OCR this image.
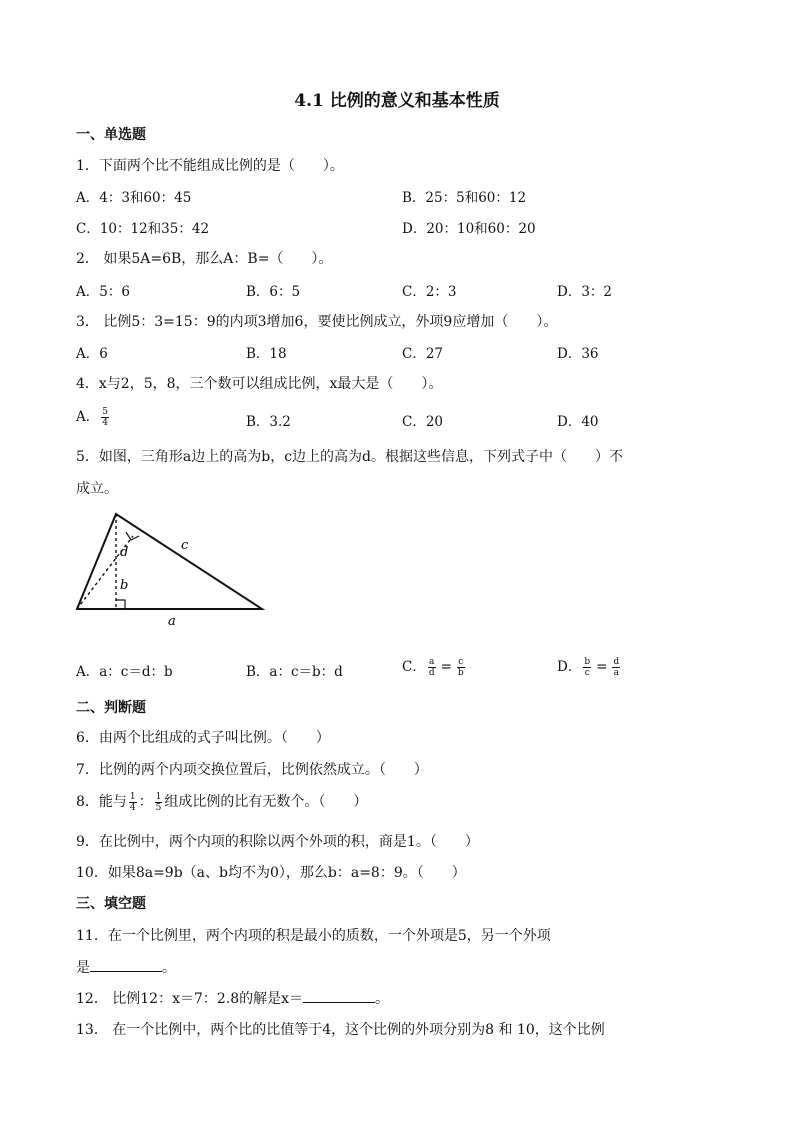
4.1 比例的意义和基本性质
一、单选题
1．下面两个比不能组成比例的是（　　）。
A．4：3和60：45	B．25：5和60：12
C．10：12和35：42	D．20：10和60：20
2． 如果5A=6B，那么A：B=（　　）。
A．5：6	B．6：5	C．2：3	D．3：2
3． 比例5：3=15：9的内项3增加6，要使比例成立，外项9应增加（　　）。
A．6	B．18	C．27	D．36
4．x与2，5，8，三个数可以组成比例，x最大是（　　）。
A． $\frac{5}{4}$	B．3.2	C．20	D．40
5．如图，三角形a边上的高为b，c边上的高为d。根据这些信息，下列式子中（　　）不
成立。
d	c
b
a
A．a：c＝d：b	B．a：c＝b：d	C． $\frac{a}{d} = \frac{c}{b}$	D． $\frac{b}{c} = \frac{d}{a}$
二、判断题
6．由两个比组成的式子叫比例。（　　）
7．比例的两个内项交换位置后，比例依然成立。（　　）
8．能与 $\frac{1}{4}$ ： $\frac{1}{5}$ 组成比例的比有无数个。（　　）
9．在比例中，两个内项的积除以两个外项的积，商是1。（　　）
10．如果8a=9b（a、b均不为0），那么b：a=8：9。（　　）
三、填空题
11．在一个比例里，两个内项的积是最小的质数，一个外项是5，另一个外项
是	。
12． 比例12：x＝7：2.8的解是x＝	。
13． 在一个比例中，两个比的比值等于4，这个比例的外项分别为8 和 10，这个比例
